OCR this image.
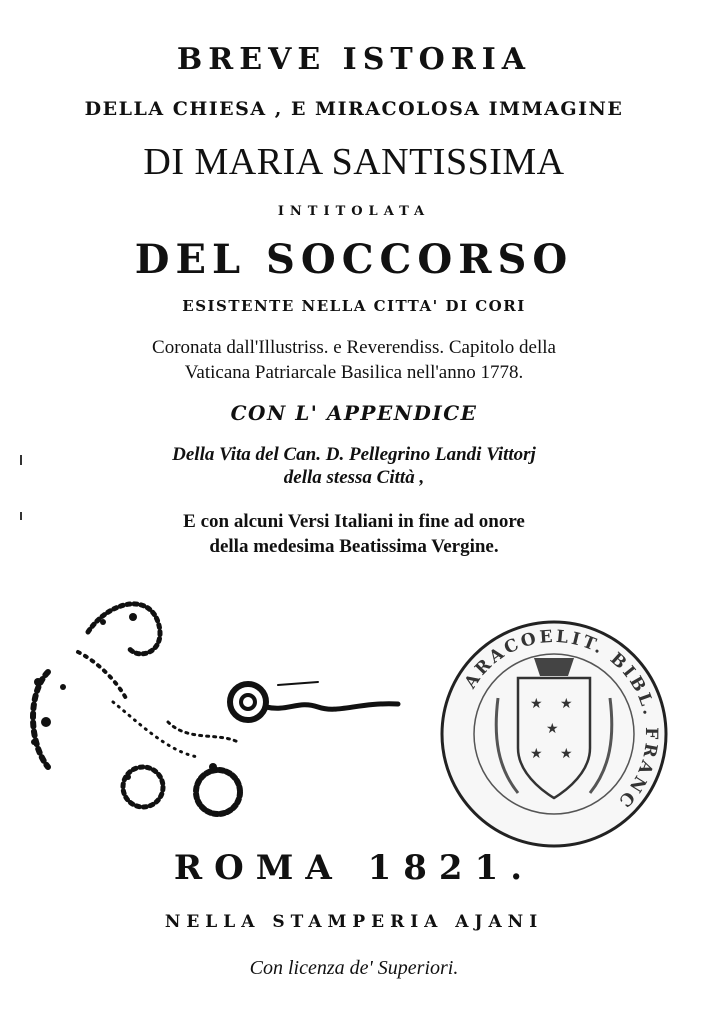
BREVE ISTORIA
DELLA CHIESA , E MIRACOLOSA IMMAGINE
DI MARIA SANTISSIMA
INTITOLATA
DEL SOCCORSO
ESISTENTE NELLA CITTA' DI CORI
Coronata dall'Illustriss. e Reverendiss. Capitolo della
Vaticana Patriarcale Basilica nell'anno 1778.
CON L' APPENDICE
Della Vita del Can. D. Pellegrino Landi Vittorj
della stessa Città ,
E con alcuni Versi Italiani in fine ad onore
della medesima Beatissima Vergine.
ARACOELIT. BIBL. FRANC
★ ★
★
★ ★
ROMA 1821.
NELLA STAMPERIA AJANI
Con licenza de' Superiori.
